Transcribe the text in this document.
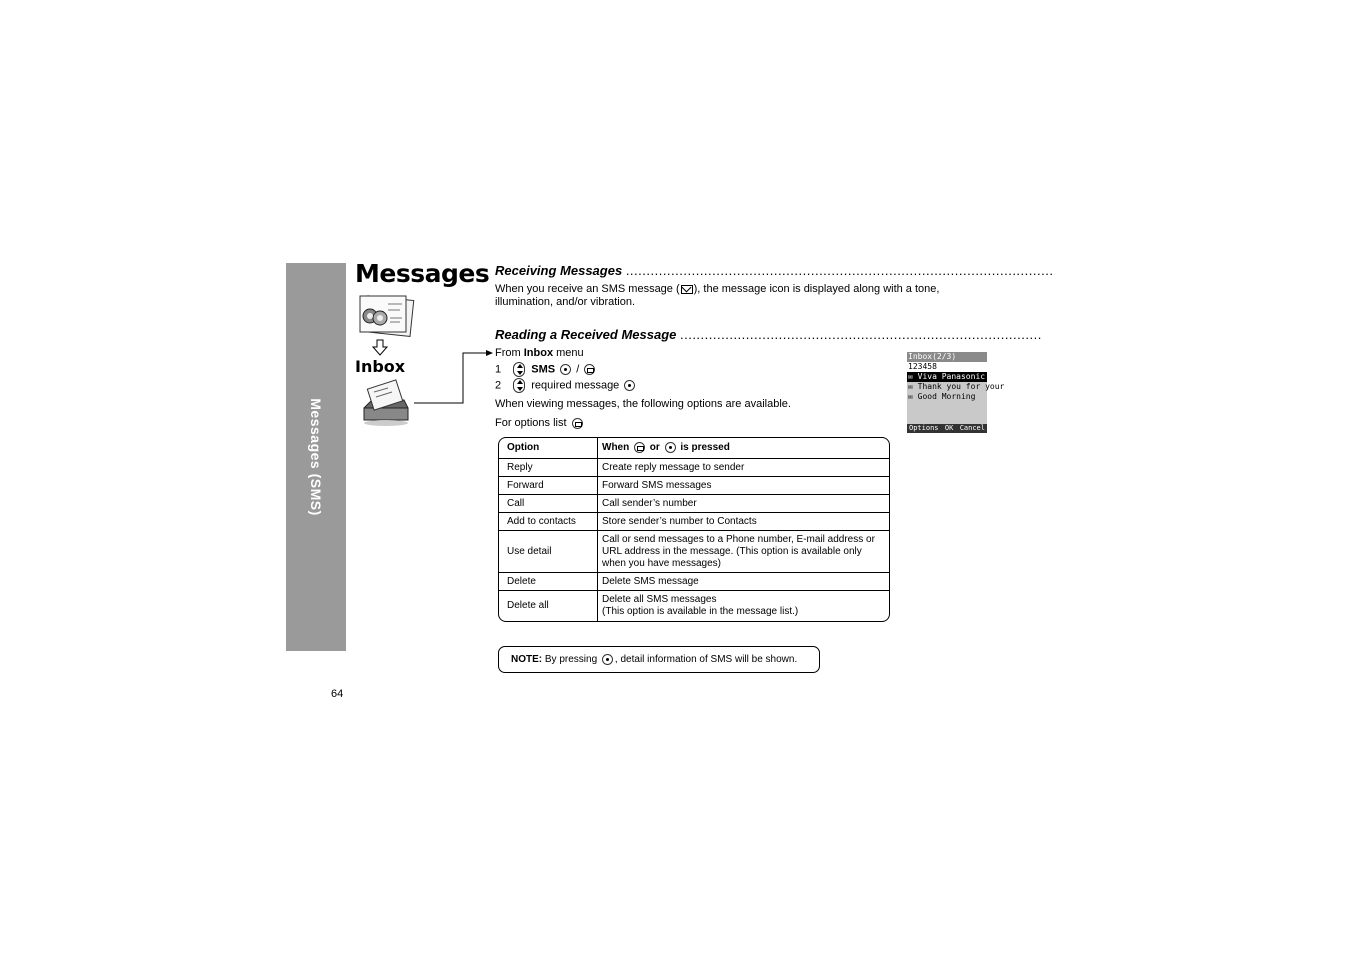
Messages (SMS)
Messages
Inbox
Receiving Messages ........................................................................................................
When you receive an SMS message ( ), the message icon is displayed along with a tone,
illumination, and/or vibration.
Reading a Received Message ........................................................................................
From Inbox menu
1	SMS /
2	required message
When viewing messages, the following options are available.
For options list
Inbox(2/3)
123458
✉ Viva Panasonic
✉ Thank you for your
✉ Good Morning
Options OK Cancel
Option	When or is pressed
Reply	Create reply message to sender
Forward	Forward SMS messages
Call	Call sender’s number
Add to contacts	Store sender’s number to Contacts
Use detail	Call or send messages to a Phone number, E-mail address or URL address in the message. (This option is available only when you have messages)
Delete	Delete SMS message
Delete all	Delete all SMS messages
(This option is available in the message list.)
NOTE: By pressing , detail information of SMS will be shown.
64
